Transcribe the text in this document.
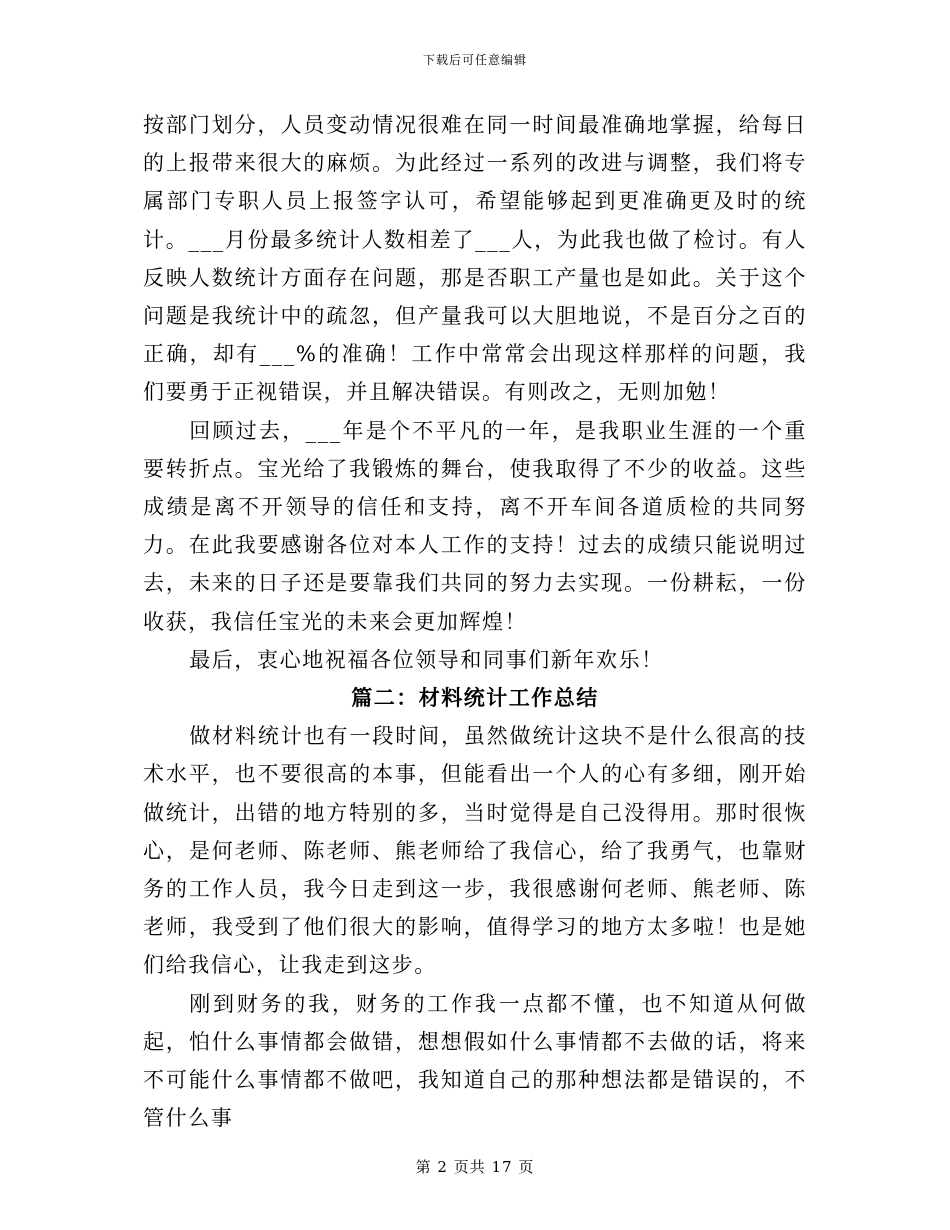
下载后可任意编辑

按部门划分，人员变动情况很难在同一时间最准确地掌握，给每日的上报带来很大的麻烦。为此经过一系列的改进与调整，我们将专属部门专职人员上报签字认可，希望能够起到更准确更及时的统计。___月份最多统计人数相差了___人，为此我也做了检讨。有人反映人数统计方面存在问题，那是否职工产量也是如此。关于这个问题是我统计中的疏忽，但产量我可以大胆地说，不是百分之百的正确，却有___%的准确！工作中常常会出现这样那样的问题，我们要勇于正视错误，并且解决错误。有则改之，无则加勉！

回顾过去，___年是个不平凡的一年，是我职业生涯的一个重要转折点。宝光给了我锻炼的舞台，使我取得了不少的收益。这些成绩是离不开领导的信任和支持，离不开车间各道质检的共同努力。在此我要感谢各位对本人工作的支持！过去的成绩只能说明过去，未来的日子还是要靠我们共同的努力去实现。一份耕耘，一份收获，我信任宝光的未来会更加辉煌！

最后，衷心地祝福各位领导和同事们新年欢乐！

篇二：材料统计工作总结

做材料统计也有一段时间，虽然做统计这块不是什么很高的技术水平，也不要很高的本事，但能看出一个人的心有多细，刚开始做统计，出错的地方特别的多，当时觉得是自己没得用。那时很恢心，是何老师、陈老师、熊老师给了我信心，给了我勇气，也靠财务的工作人员，我今日走到这一步，我很感谢何老师、熊老师、陈老师，我受到了他们很大的影响，值得学习的地方太多啦！也是她们给我信心，让我走到这步。

刚到财务的我，财务的工作我一点都不懂，也不知道从何做起，怕什么事情都会做错，想想假如什么事情都不去做的话，将来不可能什么事情都不做吧，我知道自己的那种想法都是错误的，不管什么事

第 2 页共 17 页
